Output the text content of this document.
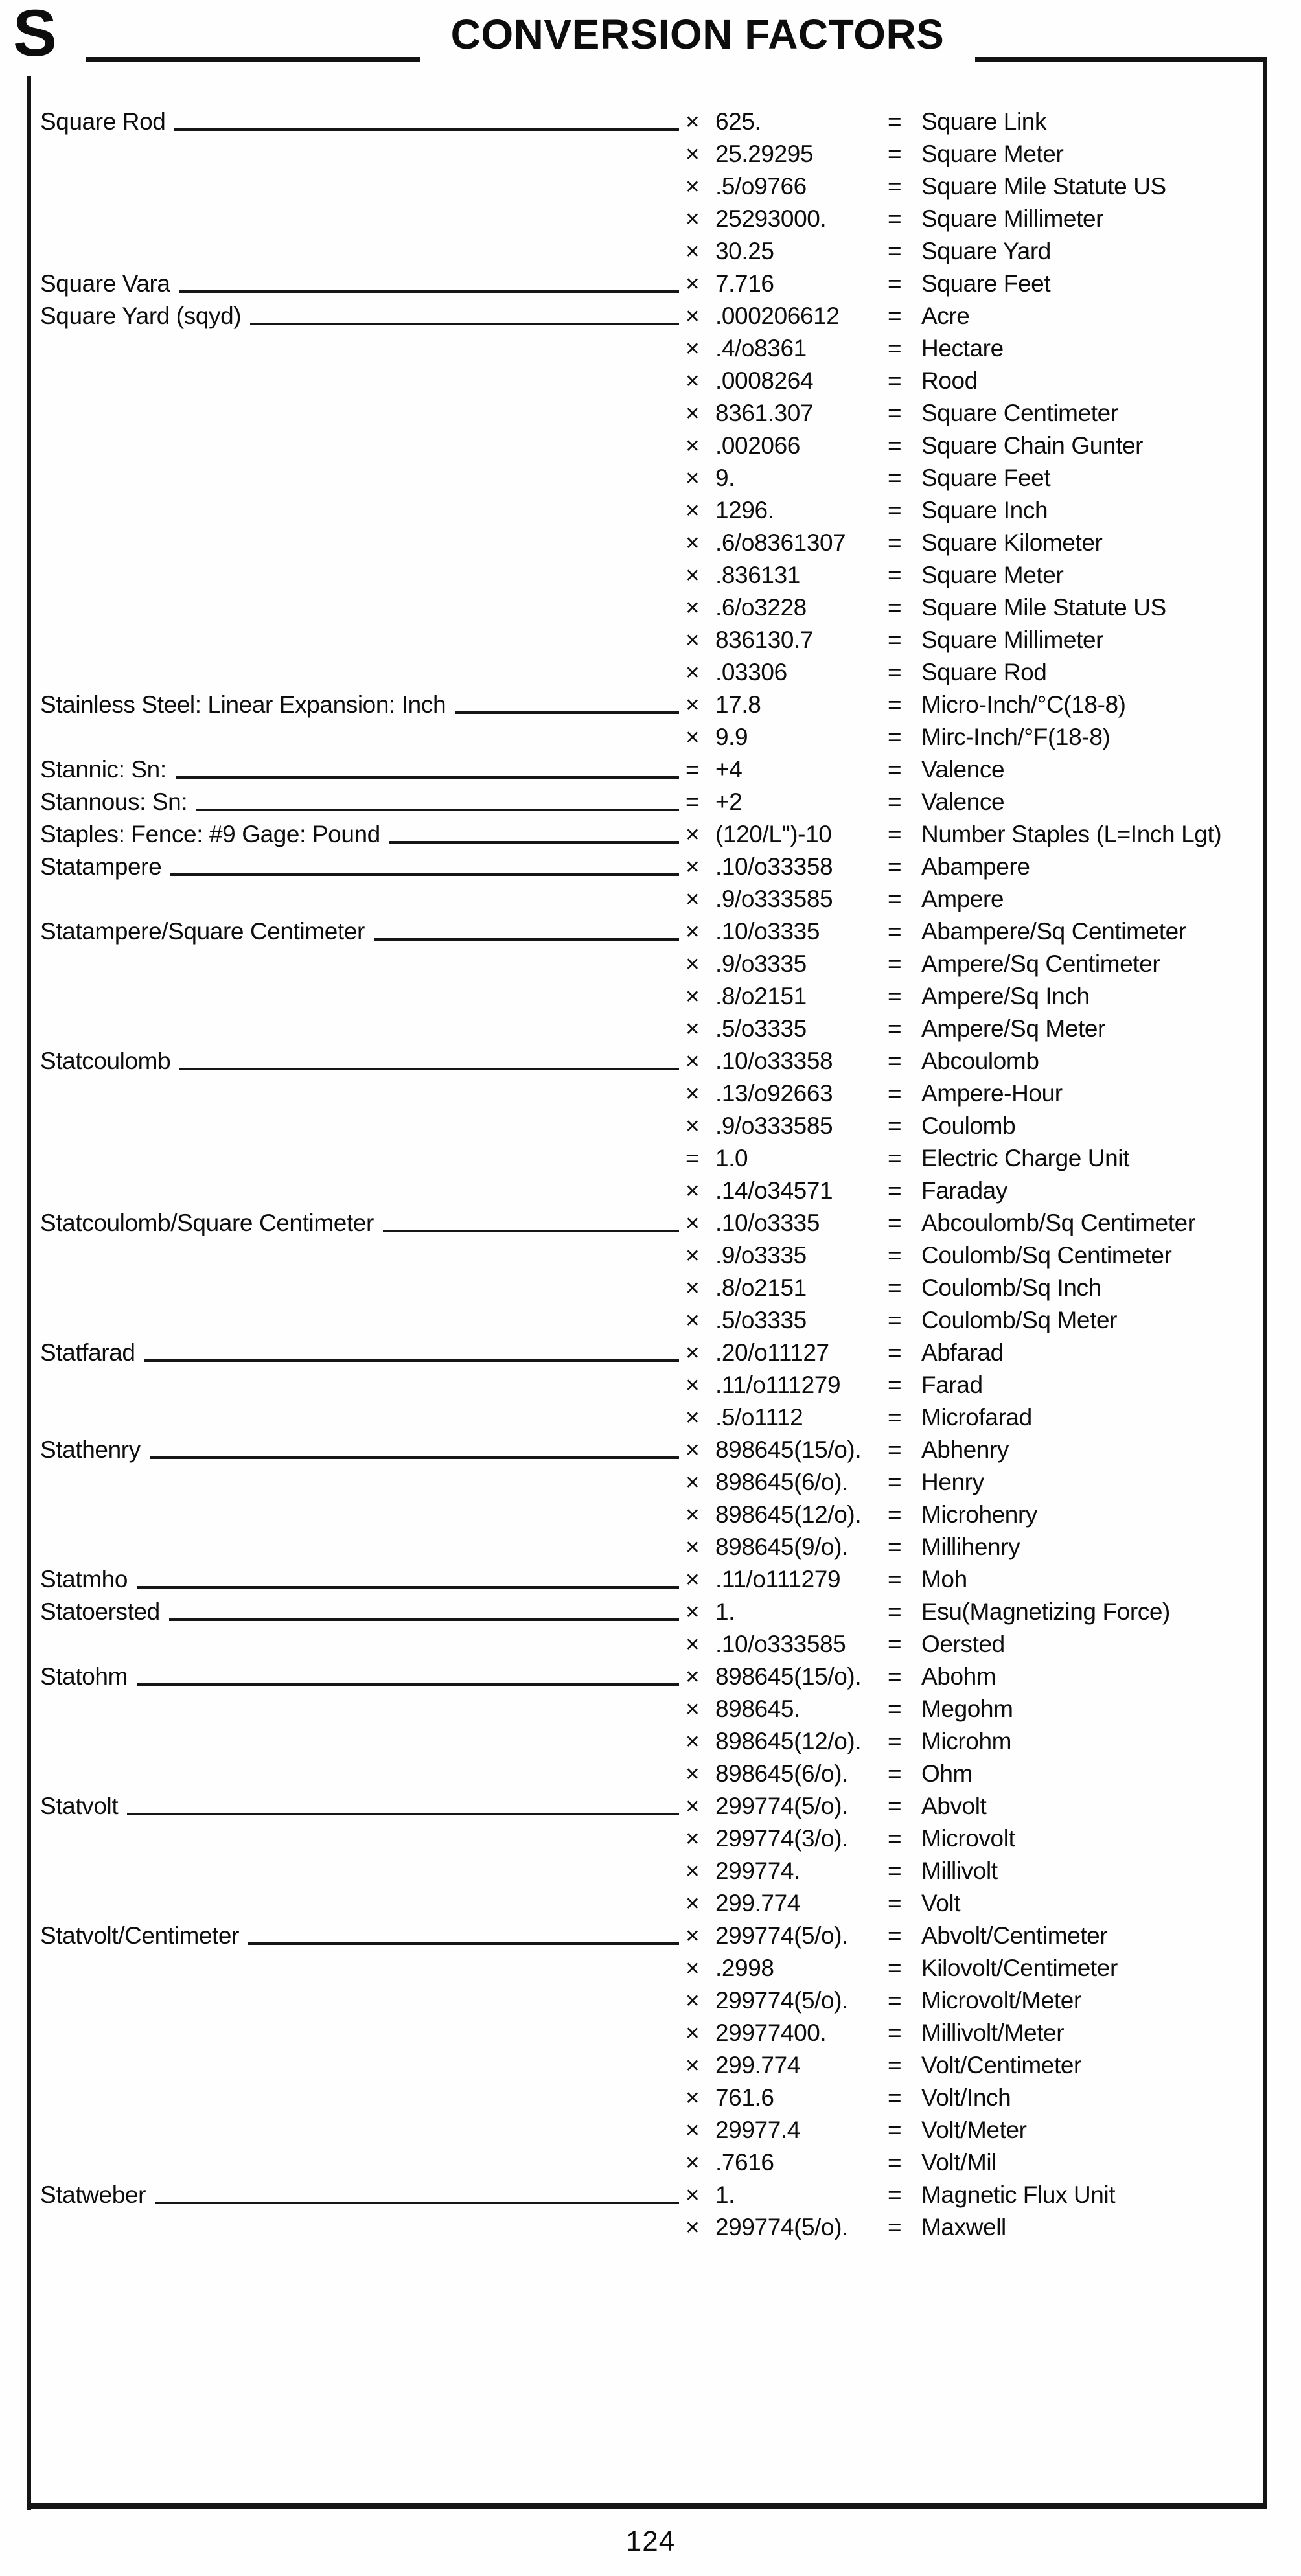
S	CONVERSION FACTORS
Square Rod	× 625.	= Square Link
× 25.29295	= Square Meter
× .5/o9766	= Square Mile Statute US
× 25293000.	= Square Millimeter
× 30.25	= Square Yard
Square Vara	× 7.716	= Square Feet
Square Yard (sqyd)	× .000206612 = Acre
× .4/o8361	= Hectare
× .0008264	= Rood
× 8361.307	= Square Centimeter
× .002066	= Square Chain Gunter
× 9.	= Square Feet
× 1296.	= Square Inch
× .6/o8361307 = Square Kilometer
× .836131	= Square Meter
× .6/o3228	= Square Mile Statute US
× 836130.7	= Square Millimeter
× .03306	= Square Rod
Stainless Steel: Linear Expansion: Inch	× 17.8	= Micro-Inch/°C(18-8)
× 9.9	= Mirc-Inch/°F(18-8)
Stannic: Sn:	= +4	= Valence
Stannous: Sn:	= +2	= Valence
Staples: Fence: #9 Gage: Pound	× (120/L")-10 = Number Staples (L=Inch Lgt)
Statampere	× .10/o33358 = Abampere
× .9/o333585 = Ampere
Statampere/Square Centimeter	× .10/o3335	= Abampere/Sq Centimeter
× .9/o3335	= Ampere/Sq Centimeter
× .8/o2151	= Ampere/Sq Inch
× .5/o3335	= Ampere/Sq Meter
Statcoulomb	× .10/o33358 = Abcoulomb
× .13/o92663 = Ampere-Hour
× .9/o333585 = Coulomb
= 1.0	= Electric Charge Unit
× .14/o34571 = Faraday
Statcoulomb/Square Centimeter	× .10/o3335	= Abcoulomb/Sq Centimeter
× .9/o3335	= Coulomb/Sq Centimeter
× .8/o2151	= Coulomb/Sq Inch
× .5/o3335	= Coulomb/Sq Meter
Statfarad	× .20/o11127 = Abfarad
× .11/o111279 = Farad
× .5/o1112	= Microfarad
Stathenry	× 898645(15/o). = Abhenry
× 898645(6/o). = Henry
× 898645(12/o). = Microhenry
× 898645(9/o). = Millihenry
Statmho	× .11/o111279 = Moh
Statoersted	× 1.	= Esu(Magnetizing Force)
× .10/o333585 = Oersted
Statohm	× 898645(15/o). = Abohm
× 898645.	= Megohm
× 898645(12/o). = Microhm
× 898645(6/o). = Ohm
Statvolt	× 299774(5/o). = Abvolt
× 299774(3/o). = Microvolt
× 299774.	= Millivolt
× 299.774	= Volt
Statvolt/Centimeter	× 299774(5/o). = Abvolt/Centimeter
× .2998	= Kilovolt/Centimeter
× 299774(5/o). = Microvolt/Meter
× 29977400.	= Millivolt/Meter
× 299.774	= Volt/Centimeter
× 761.6	= Volt/Inch
× 29977.4	= Volt/Meter
× .7616	= Volt/Mil
Statweber	× 1.	= Magnetic Flux Unit
× 299774(5/o). = Maxwell
124
